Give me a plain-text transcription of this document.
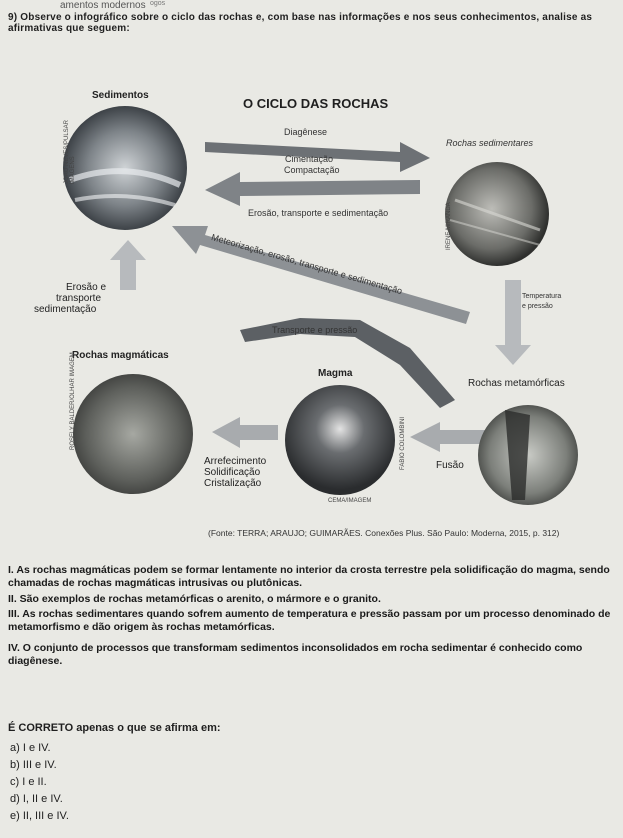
amentos modernos ogos
9) Observe o infográfico sobre o ciclo das rochas e, com base nas informações e nos seus conhecimentos, analise as afirmativas que seguem:
O CICLO DAS ROCHAS
Sedimentos
Rochas sedimentares
Rochas magmáticas
Magma
Rochas metamórficas
Diagênese
Cimentação
Compactação
Erosão, transporte e sedimentação
Meteorização, erosão, transporte e sedimentação
Transporte e pressão
Erosão e
transporte
sedimentação
Temperatura
e pressão
Arrefecimento
Solidificação
Cristalização
Fusão
JOAO NEVES/PULSAR IMAGENS
IRENE MIRANDA
ROSELY BALDER/OLHAR IMAGEM	FABIO COLOMBINI
CEMA/IMAGEM
(Fonte: TERRA; ARAUJO; GUIMARÃES. Conexões Plus. São Paulo: Moderna, 2015, p. 312)
I. As rochas magmáticas podem se formar lentamente no interior da crosta terrestre pela solidificação do magma, sendo chamadas de rochas magmáticas intrusivas ou plutônicas.
II. São exemplos de rochas metamórficas o arenito, o mármore e o granito.
III. As rochas sedimentares quando sofrem aumento de temperatura e pressão passam por um processo denominado de metamorfismo e dão origem às rochas metamórficas.
IV. O conjunto de processos que transformam sedimentos inconsolidados em rocha sedimentar é conhecido como diagênese.
É CORRETO apenas o que se afirma em:
a) I e IV.
b) III e IV.
c) I e II.
d) I, II e IV.
e) II, III e IV.
